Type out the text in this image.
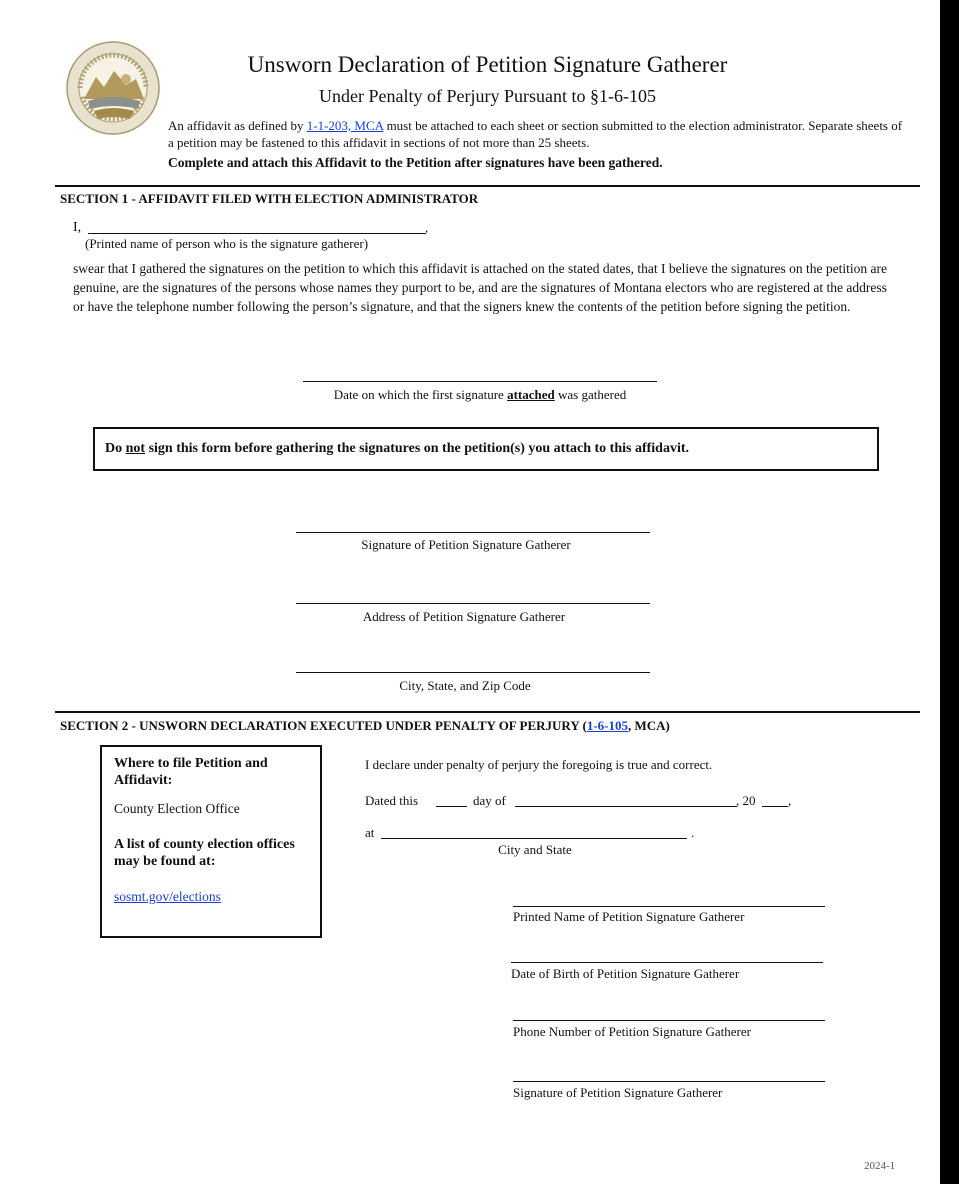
Unsworn Declaration of Petition Signature Gatherer
Under Penalty of Perjury Pursuant to §1-6-105
An affidavit as defined by 1-1-203, MCA must be attached to each sheet or section submitted to the election administrator. Separate sheets of a petition may be fastened to this affidavit in sections of not more than 25 sheets.
Complete and attach this Affidavit to the Petition after signatures have been gathered.
SECTION 1 - AFFIDAVIT FILED WITH ELECTION ADMINISTRATOR
I,	,
(Printed name of person who is the signature gatherer)
swear that I gathered the signatures on the petition to which this affidavit is attached on the stated dates, that I believe the signatures on the petition are genuine, are the signatures of the persons whose names they purport to be, and are the signatures of Montana electors who are registered at the address or have the telephone number following the person’s signature, and that the signers knew the contents of the petition before signing the petition.
Date on which the first signature attached was gathered
Do not sign this form before gathering the signatures on the petition(s) you attach to this affidavit.
Signature of Petition Signature Gatherer
Address of Petition Signature Gatherer
City, State, and Zip Code
SECTION 2 - UNSWORN DECLARATION EXECUTED UNDER PENALTY OF PERJURY (1-6-105, MCA)
Where to file Petition and Affidavit:
County Election Office
A list of county election offices may be found at:
sosmt.gov/elections
I declare under penalty of perjury the foregoing is true and correct.
Dated this	day of	, 20	,
at	.
City and State
Printed Name of Petition Signature Gatherer
Date of Birth of Petition Signature Gatherer
Phone Number of Petition Signature Gatherer
Signature of Petition Signature Gatherer
2024-1
